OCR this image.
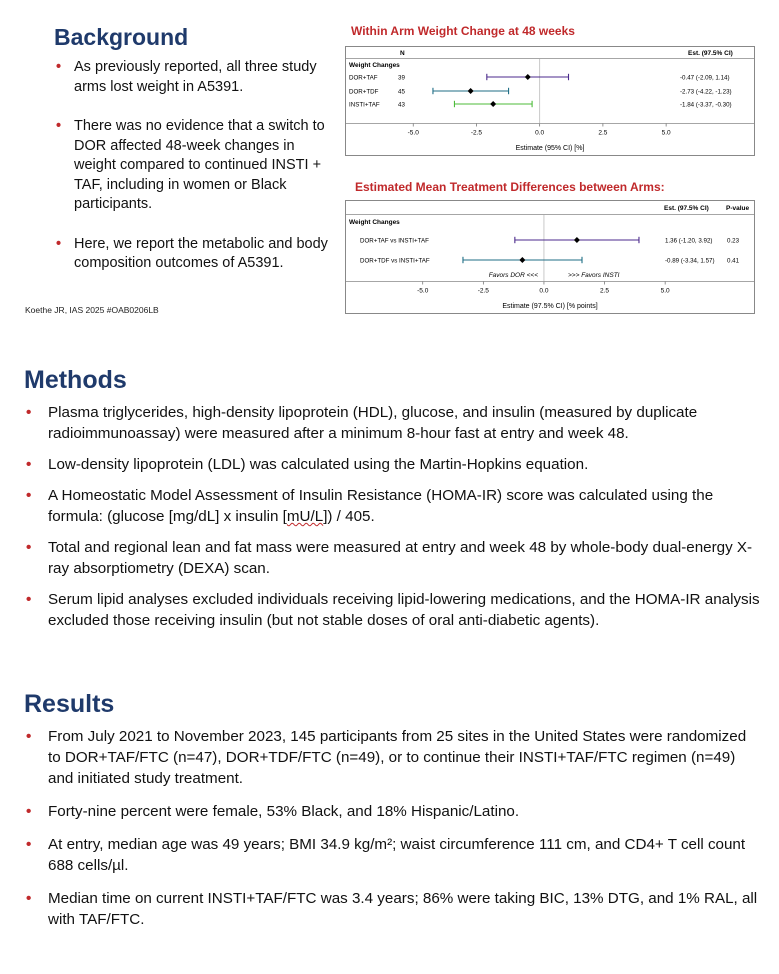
Background
• As previously reported, all three study arms lost weight in A5391.
• There was no evidence that a switch to DOR affected 48-week changes in weight compared to continued INSTI + TAF, including in women or Black participants.
• Here, we report the metabolic and body composition outcomes of A5391.
Koethe JR, IAS 2025 #OAB0206LB
Within Arm Weight Change at 48 weeks
N	Est. (97.5% CI)
Weight Changes
DOR+TAF	39	-0.47 (-2.09, 1.14)
DOR+TDF	45	-2.73 (-4.22, -1.23)
INSTI+TAF	43	-1.84 (-3.37, -0.30)
-5.0	-2.5	0.0	2.5	5.0
Estimate (95% CI) [%]
Estimated Mean Treatment Differences between Arms:
Est. (97.5% CI)	P-value
Weight Changes
DOR+TAF vs INSTI+TAF	1.36 (-1.20, 3.92) 0.23
DOR+TDF vs INSTI+TAF	-0.89 (-3.34, 1.57) 0.41
Favors DOR <<<	>>> Favors INSTI
-5.0	-2.5	0.0	2.5	5.0
Estimate (97.5% CI) [% points]
Methods
• Plasma triglycerides, high-density lipoprotein (HDL), glucose, and insulin (measured by duplicate radioimmunoassay) were measured after a minimum 8-hour fast at entry and week 48.
• Low-density lipoprotein (LDL) was calculated using the Martin-Hopkins equation.
• A Homeostatic Model Assessment of Insulin Resistance (HOMA-IR) score was calculated using the formula: (glucose [mg/dL] x insulin [mU/L]) / 405.
• Total and regional lean and fat mass were measured at entry and week 48 by whole-body dual-energy X-ray absorptiometry (DEXA) scan.
• Serum lipid analyses excluded individuals receiving lipid-lowering medications, and the HOMA-IR analysis excluded those receiving insulin (but not stable doses of oral anti-diabetic agents).
Results
• From July 2021 to November 2023, 145 participants from 25 sites in the United States were randomized to DOR+TAF/FTC (n=47), DOR+TDF/FTC (n=49), or to continue their INSTI+TAF/FTC regimen (n=49) and initiated study treatment.
• Forty-nine percent were female, 53% Black, and 18% Hispanic/Latino.
• At entry, median age was 49 years; BMI 34.9 kg/m²; waist circumference 111 cm, and CD4+ T cell count 688 cells/µl.
• Median time on current INSTI+TAF/FTC was 3.4 years; 86% were taking BIC, 13% DTG, and 1% RAL, all with TAF/FTC.
